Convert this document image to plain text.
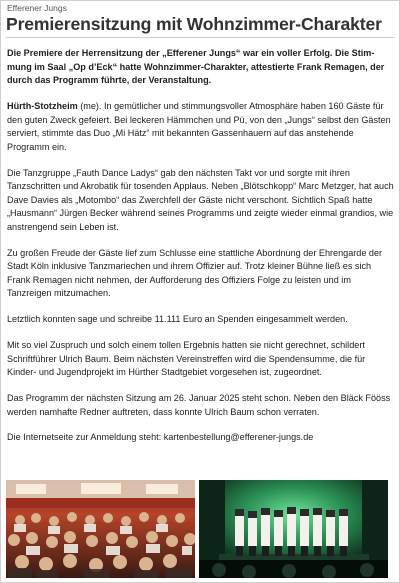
Efferener Jungs
Premierensitzung mit Wohnzimmer-Charakter

Die Premiere der Herrensitzung der „Efferener Jungs“ war ein voller Erfolg. Die Stimmung im Saal „Op d’Eck“ hatte Wohnzimmer-Charakter, attestierte Frank Remagen, der durch das Programm führte, der Veranstaltung.

Hürth-Stotzheim (me). In gemütlicher und stimmungsvoller Atmosphäre haben 160 Gäste für den guten Zweck gefeiert. Bei leckeren Hämmchen und Pü, von den „Jungs“ selbst den Gästen serviert, stimmte das Duo „Mi Hätz“ mit bekannten Gassenhauern auf das anstehende Programm ein.

Die Tanzgruppe „Fauth Dance Ladys“ gab den nächsten Takt vor und sorgte mit ihren Tanzschritten und Akrobatik für tosenden Applaus. Neben „Blötschkopp“ Marc Metzger, hat auch Dave Davies als „Motombo“ das Zwerchfell der Gäste nicht verschont. Sichtlich Spaß hatte „Hausmann“ Jürgen Becker während seines Programms und zeigte wieder einmal grandios, wie anstrengend sein Leben ist.

Zu großen Freude der Gäste lief zum Schlusse eine stattliche Abordnung der Ehrengarde der Stadt Köln inklusive Tanzmariechen und ihrem Offizier auf. Trotz kleiner Bühne ließ es sich Frank Remagen nicht nehmen, der Aufforderung des Offiziers Folge zu leisten und im Tanzreigen mitzumachen.

Letztlich konnten sage und schreibe 11.111 Euro an Spenden eingesammelt werden.

Mit so viel Zuspruch und solch einem tollen Ergebnis hatten sie nicht gerechnet, schildert Schriftführer Ulrich Baum. Beim nächsten Vereinstreffen wird die Spendensumme, die für Kinder- und Jugendprojekt im Hürther Stadtgebiet vorgesehen ist, zugeordnet.

Das Programm der nächsten Sitzung am 26. Januar 2025 steht schon. Neben den Bläck Fööss werden namhafte Redner auftreten, dass konnte Ulrich Baum schon verraten.

Die Internetseite zur Anmeldung steht: kartenbestellung@efferener-jungs.de
